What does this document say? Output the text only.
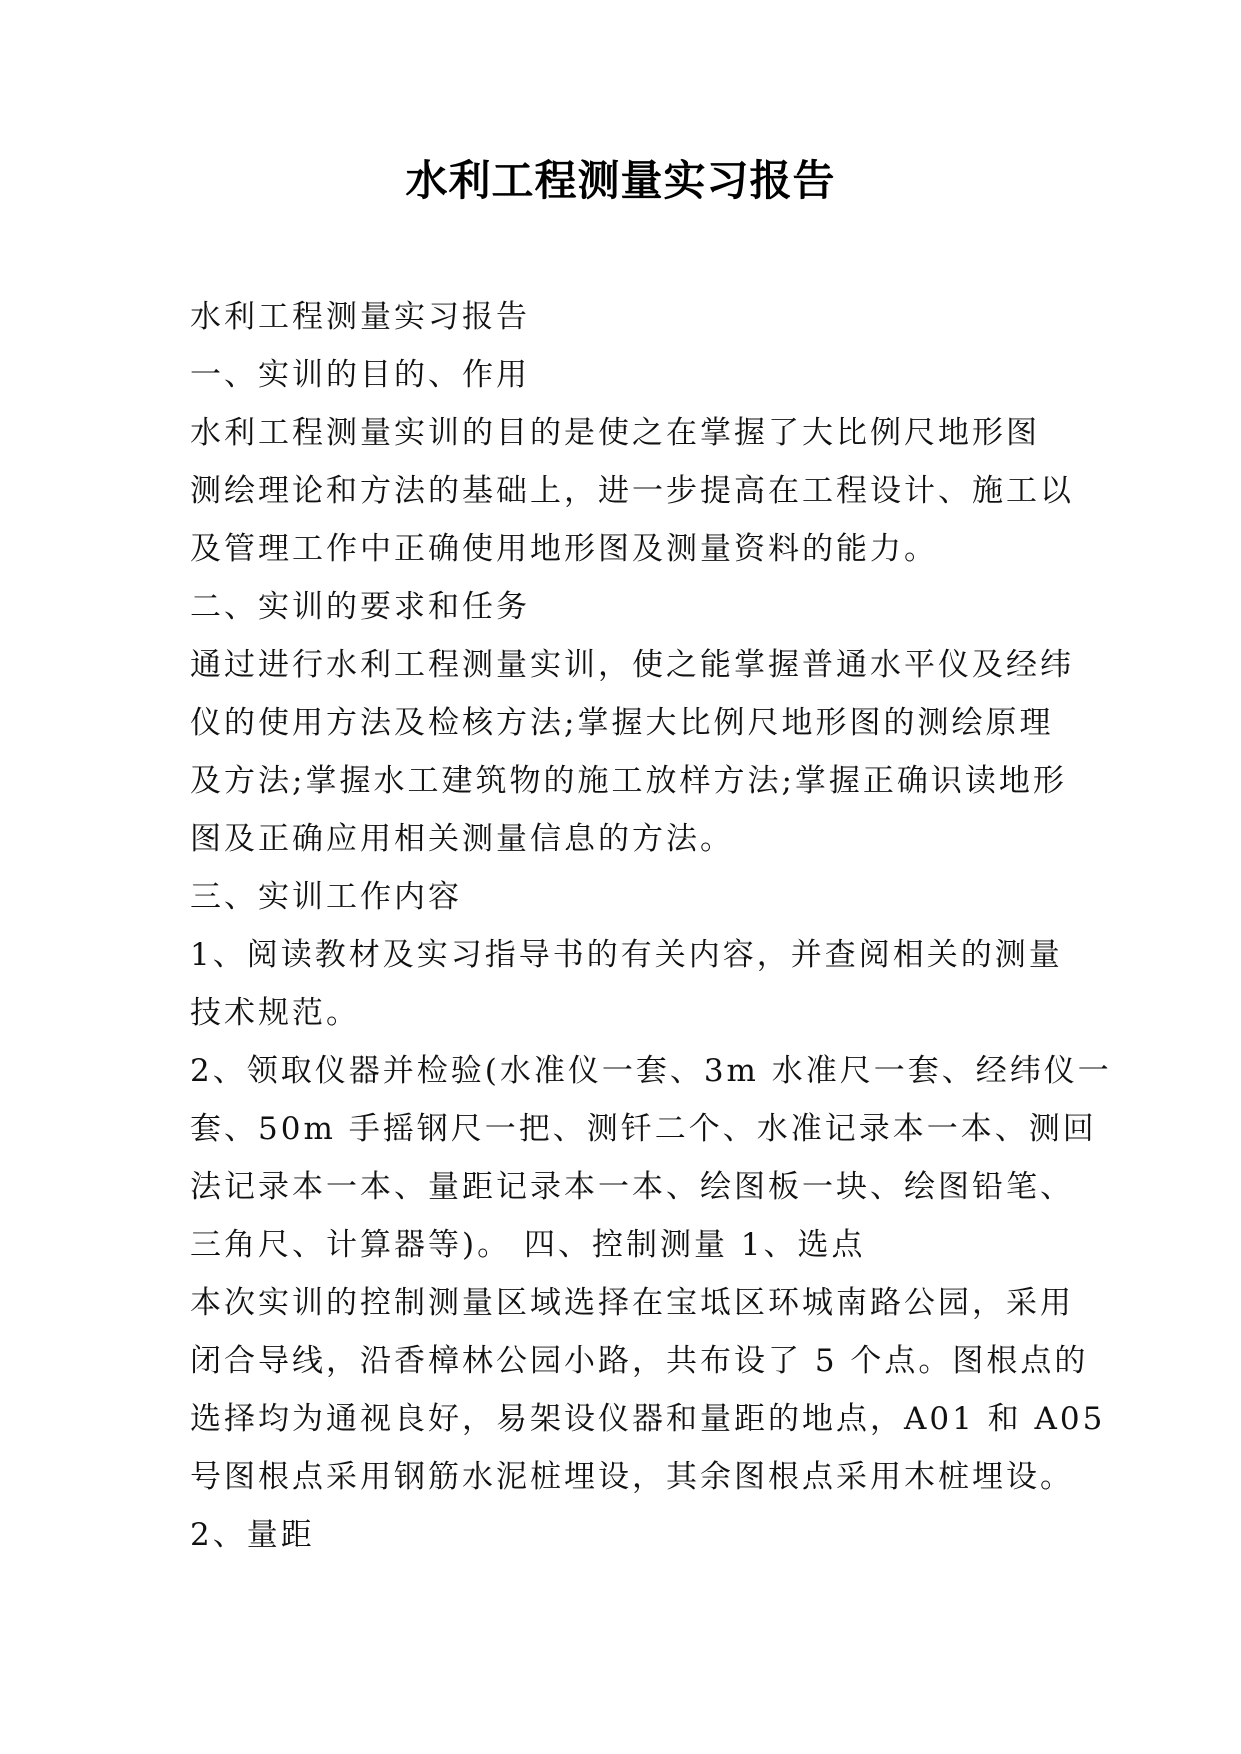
水利工程测量实习报告
水利工程测量实习报告
一、实训的目的、作用
水利工程测量实训的目的是使之在掌握了大比例尺地形图
测绘理论和方法的基础上，进一步提高在工程设计、施工以
及管理工作中正确使用地形图及测量资料的能力。
二、实训的要求和任务
通过进行水利工程测量实训，使之能掌握普通水平仪及经纬
仪的使用方法及检核方法;掌握大比例尺地形图的测绘原理
及方法;掌握水工建筑物的施工放样方法;掌握正确识读地形
图及正确应用相关测量信息的方法。
三、实训工作内容
1、阅读教材及实习指导书的有关内容，并查阅相关的测量
技术规范。
2、领取仪器并检验(水准仪一套、3m 水准尺一套、经纬仪一
套、50m 手摇钢尺一把、测钎二个、水准记录本一本、测回
法记录本一本、量距记录本一本、绘图板一块、绘图铅笔、
三角尺、计算器等)。 四、控制测量 1、选点
本次实训的控制测量区域选择在宝坻区环城南路公园，采用
闭合导线，沿香樟林公园小路，共布设了 5 个点。图根点的
选择均为通视良好，易架设仪器和量距的地点，A01 和 A05
号图根点采用钢筋水泥桩埋设，其余图根点采用木桩埋设。
2、量距
